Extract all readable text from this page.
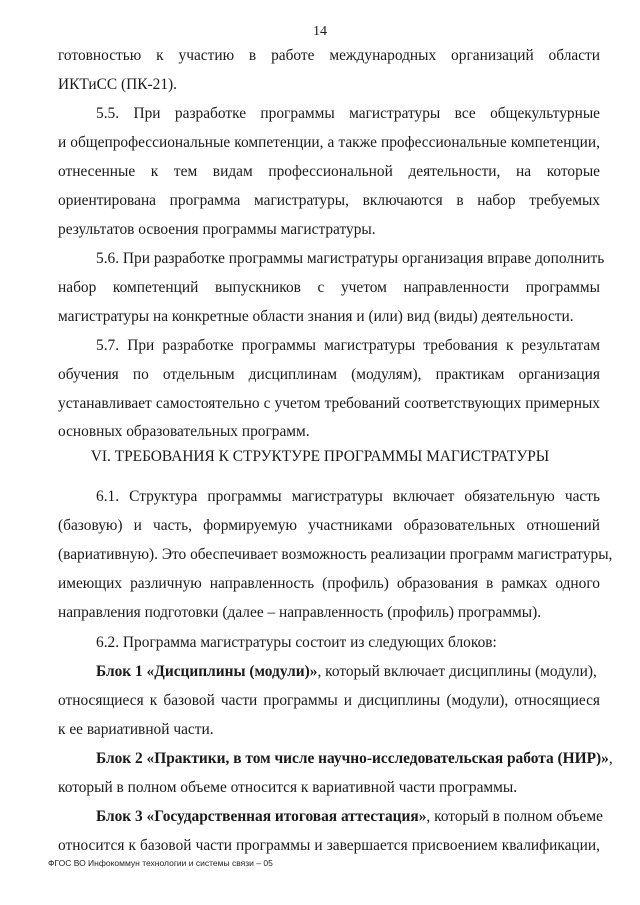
14
готовностью к участию в работе международных организаций области
ИКТиСС (ПК-21).
5.5. При разработке программы магистратуры все общекультурные
и общепрофессиональные компетенции, а также профессиональные компетенции,
отнесенные к тем видам профессиональной деятельности, на которые
ориентирована программа магистратуры, включаются в набор требуемых
результатов освоения программы магистратуры.
5.6. При разработке программы магистратуры организация вправе дополнить
набор компетенций выпускников с учетом направленности программы
магистратуры на конкретные области знания и (или) вид (виды) деятельности.
5.7. При разработке программы магистратуры требования к результатам
обучения по отдельным дисциплинам (модулям), практикам организация
устанавливает самостоятельно с учетом требований соответствующих примерных
основных образовательных программ.
VI. ТРЕБОВАНИЯ К СТРУКТУРЕ ПРОГРАММЫ МАГИСТРАТУРЫ
6.1. Структура программы магистратуры включает обязательную часть
(базовую) и часть, формируемую участниками образовательных отношений
(вариативную). Это обеспечивает возможность реализации программ магистратуры,
имеющих различную направленность (профиль) образования в рамках одного
направления подготовки (далее – направленность (профиль) программы).
6.2. Программа магистратуры состоит из следующих блоков:
Блок 1 «Дисциплины (модули)», который включает дисциплины (модули),
относящиеся к базовой части программы и дисциплины (модули), относящиеся
к ее вариативной части.
Блок 2 «Практики, в том числе научно-исследовательская работа (НИР)»,
который в полном объеме относится к вариативной части программы.
Блок 3 «Государственная итоговая аттестация», который в полном объеме
относится к базовой части программы и завершается присвоением квалификации,
ФГОС ВО Инфокоммун технологии и системы связи – 05
